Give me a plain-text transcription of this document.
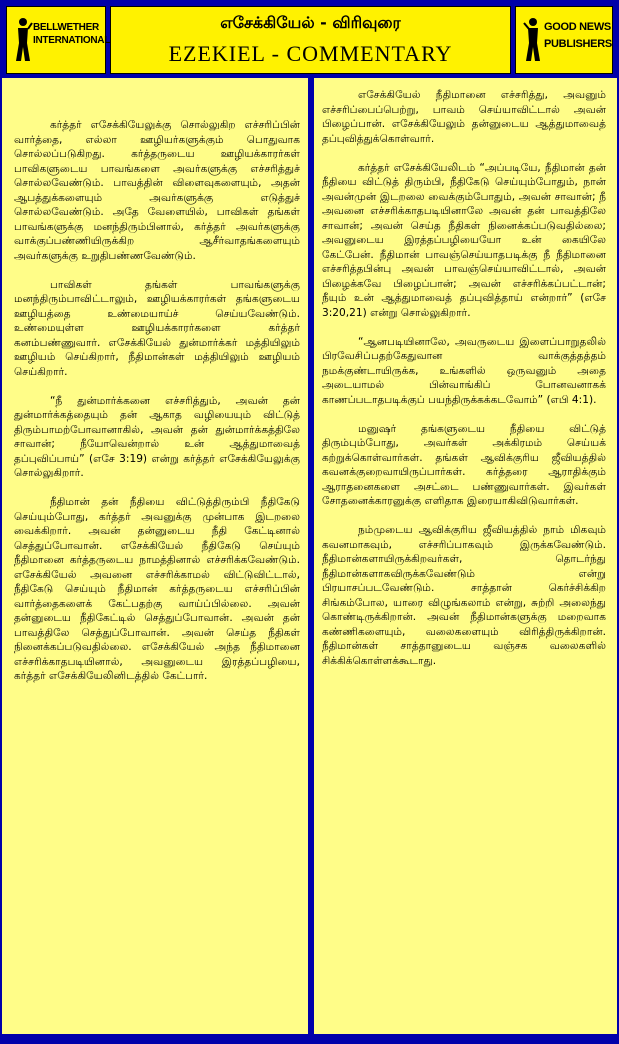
BELLWETHER
INTERNATIONAL
எசேக்கியேல் - விரிவுரை
EZEKIEL - COMMENTARY
GOOD NEWS
PUBLISHERS

கர்த்தர் எசேக்கியேலுக்கு சொல்லுகிற எச்சரிப்பின் வார்த்தை, எல்லா ஊழியர்களுக்கும் பொதுவாக சொல்லப்படுகிறது. கர்த்தருடைய ஊழியக்காரர்கள் பாவிகளுடைய பாவங்களை அவர்களுக்கு எச்சரித்துச் சொல்லவேண்டும். பாவத்தின் விளைவுகளையும், அதன் ஆபத்துக்களையும் அவர்களுக்கு எடுத்துச் சொல்லவேண்டும். அதே வேளையில், பாவிகள் தங்கள் பாவங்களுக்கு மனந்திரும்பினால், கர்த்தர் அவர்களுக்கு வாக்குப்பண்ணியிருக்கிற ஆசீர்வாதங்களையும் அவர்களுக்கு உறுதிபண்ணவேண்டும்.

பாவிகள் தங்கள் பாவங்களுக்கு மனந்திரும்பாவிட்டாலும், ஊழியக்காரர்கள் தங்களுடைய ஊழியத்தை உண்மையாய்ச் செய்யவேண்டும். உண்மையுள்ள ஊழியக்காரர்களை கர்த்தர் கனம்பண்ணுவார். எசேக்கியேல் துன்மார்க்கர் மத்தியிலும் ஊழியம் செய்கிறார், நீதிமான்கள் மத்தியிலும் ஊழியம் செய்கிறார்.

“நீ துன்மார்க்கனை எச்சரித்தும், அவன் தன் துன்மார்க்கத்தையும் தன் ஆகாத வழியையும் விட்டுத் திரும்பாமற்போவானாகில், அவன் தன் துன்மார்க்கத்திலே சாவான்; நீயோவென்றால் உன் ஆத்துமாவைத் தப்புவிப்பாய்” (எசே 3:19) என்று கர்த்தர் எசேக்கியேலுக்கு சொல்லுகிறார்.

நீதிமான் தன் நீதியை விட்டுத்திரும்பி நீதிகேடு செய்யும்போது, கர்த்தர் அவனுக்கு முன்பாக இடறலை வைக்கிறார். அவன் தன்னுடைய நீதி கேட்டினால் செத்துப்போவான். எசேக்கியேல் நீதிகேடு செய்யும் நீதிமானை கர்த்தருடைய நாமத்தினால் எச்சரிக்கவேண்டும். எசேக்கியேல் அவனை எச்சரிக்காமல் விட்டுவிட்டால், நீதிகேடு செய்யும் நீதிமான் கர்த்தருடைய எச்சரிப்பின் வார்த்தைகளைக் கேட்பதற்கு வாய்ப்பில்லை. அவன் தன்னுடைய நீதிகேட்டில் செத்துப்போவான். அவன் தன் பாவத்திலே செத்துப்போவான். அவன் செய்த நீதிகள் நினைக்கப்படுவதில்லை. எசேக்கியேல் அந்த நீதிமானை எச்சரிக்காதபடியினால், அவனுடைய இரத்தப்பழியை, கர்த்தர் எசேக்கியேலினிடத்தில் கேட்பார்.

எசேக்கியேல் நீதிமானை எச்சரித்து, அவனும் எச்சரிப்பைப்பெற்று, பாவம் செய்யாவிட்டால் அவன் பிழைப்பான். எசேக்கியேலும் தன்னுடைய ஆத்துமாவைத் தப்புவித்துக்கொள்வார்.

கர்த்தர் எசேக்கியேலிடம் “அப்படியே, நீதிமான் தன் நீதியை விட்டுத் திரும்பி, நீதிகேடு செய்யும்போதும், நான் அவன்முன் இடறலை வைக்கும்போதும், அவன் சாவான்; நீ அவனை எச்சரிக்காதபடியினாலே அவன் தன் பாவத்திலே சாவான்; அவன் செய்த நீதிகள் நினைக்கப்படுவதில்லை; அவனுடைய இரத்தப்பழியையோ உன் கையிலே கேட்பேன். நீதிமான் பாவஞ்செய்யாதபடிக்கு நீ நீதிமானை எச்சரித்தபின்பு அவன் பாவஞ்செய்யாவிட்டால், அவன் பிழைக்கவே பிழைப்பான்; அவன் எச்சரிக்கப்பட்டான்; நீயும் உன் ஆத்துமாவைத் தப்புவித்தாய் என்றார்” (எசே 3:20,21) என்று சொல்லுகிறார்.

“ஆனபடியினாலே, அவருடைய இளைப்பாறுதலில் பிரவேசிப்பதற்கேதுவான வாக்குத்தத்தம் நமக்குண்டாயிருக்க, உங்களில் ஒருவனும் அதை அடையாமல் பின்வாங்கிப் போனவனாகக் காணப்படாதபடிக்குப் பயந்திருக்கக்கடவோம்” (எபி 4:1).

மனுஷர் தங்களுடைய நீதியை விட்டுத் திரும்பும்போது, அவர்கள் அக்கிரமம் செய்யக் கற்றுக்கொள்வார்கள். தங்கள் ஆவிக்குரிய ஜீவியத்தில் கவனக்குறைவாயிருப்பார்கள். கர்த்தரை ஆராதிக்கும் ஆராதனைகளை அசட்டை பண்ணுவார்கள். இவர்கள் சோதனைக்காரனுக்கு எளிதாக இரையாகிவிடுவார்கள்.

நம்முடைய ஆவிக்குரிய ஜீவியத்தில் நாம் மிகவும் கவனமாகவும், எச்சரிப்பாகவும் இருக்கவேண்டும். நீதிமான்களாயிருக்கிறவர்கள், தொடர்ந்து நீதிமான்களாகவிருக்கவேண்டும் என்று பிரயாசப்படவேண்டும். சாத்தான் கெர்ச்சிக்கிற சிங்கம்போல, யாரை விழுங்கலாம் என்று, சுற்றி அலைந்து கொண்டிருக்கிறான். அவன் நீதிமான்களுக்கு மறைவாக கண்ணிகளையும், வலைகளையும் விரித்திருக்கிறான். நீதிமான்கள் சாத்தானுடைய வஞ்சக வலைகளில் சிக்கிக்கொள்ளக்கூடாது.
